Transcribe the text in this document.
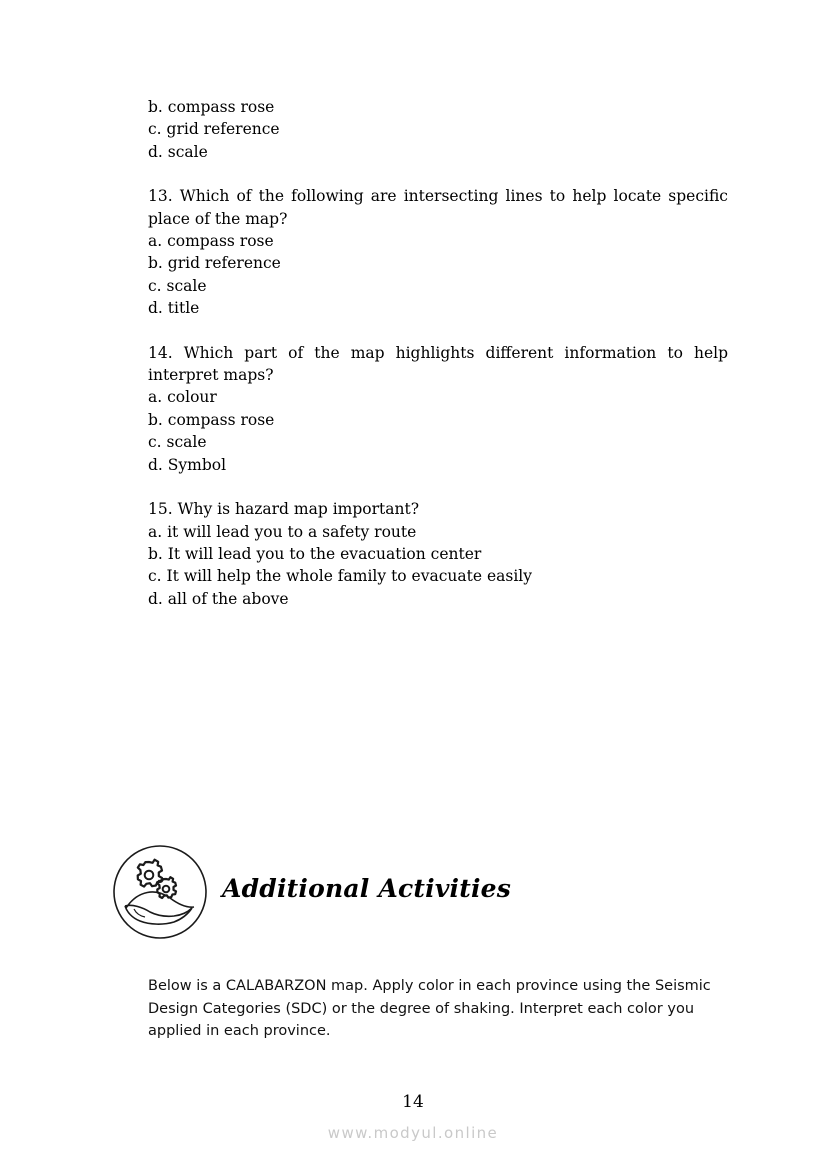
b. compass rose

c. grid reference

d. scale

13. Which of the following are intersecting lines to help locate specific place of the map?

a. compass rose

b. grid reference

c. scale

d. title

14. Which part of the map highlights different information to help interpret maps?

a. colour

b. compass rose

c. scale

d. Symbol

15. Why is hazard map important?

a. it will lead you to a safety route

b. It will lead you to the evacuation center

c. It will help the whole family to evacuate easily

d. all of the above

Additional Activities
Below is a CALABARZON map. Apply color in each province using the Seismic Design Categories (SDC) or the degree of shaking. Interpret each color you applied in each province.
14
www.modyul.online
